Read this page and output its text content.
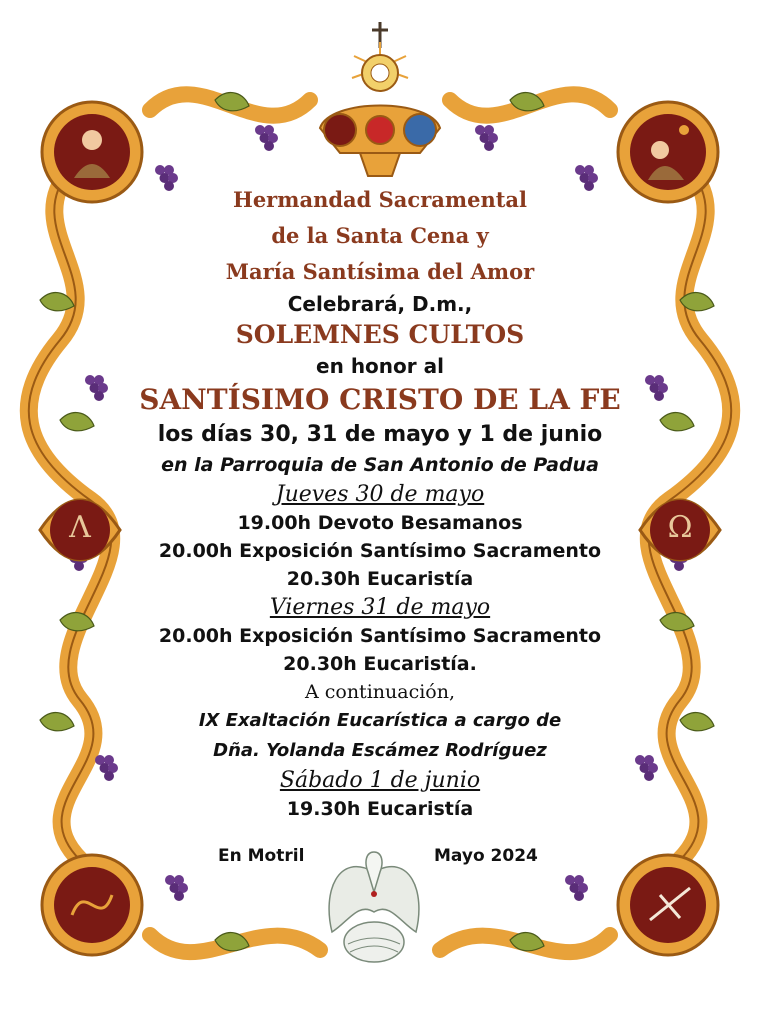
Λ	Ω
Hermandad Sacramental
de la Santa Cena y
María Santísima del Amor
Celebrará, D.m.,
SOLEMNES CULTOS
en honor al
SANTÍSIMO CRISTO DE LA FE
los días 30, 31 de mayo y 1 de junio
en la Parroquia de San Antonio de Padua
Jueves 30 de mayo
19.00h Devoto Besamanos
20.00h Exposición Santísimo Sacramento
20.30h Eucaristía
Viernes 31 de mayo
20.00h Exposición Santísimo Sacramento
20.30h Eucaristía.
A continuación,
IX Exaltación Eucarística a cargo de
Dña. Yolanda Escámez Rodríguez
Sábado 1 de junio
19.30h Eucaristía
En Motril	Mayo 2024
